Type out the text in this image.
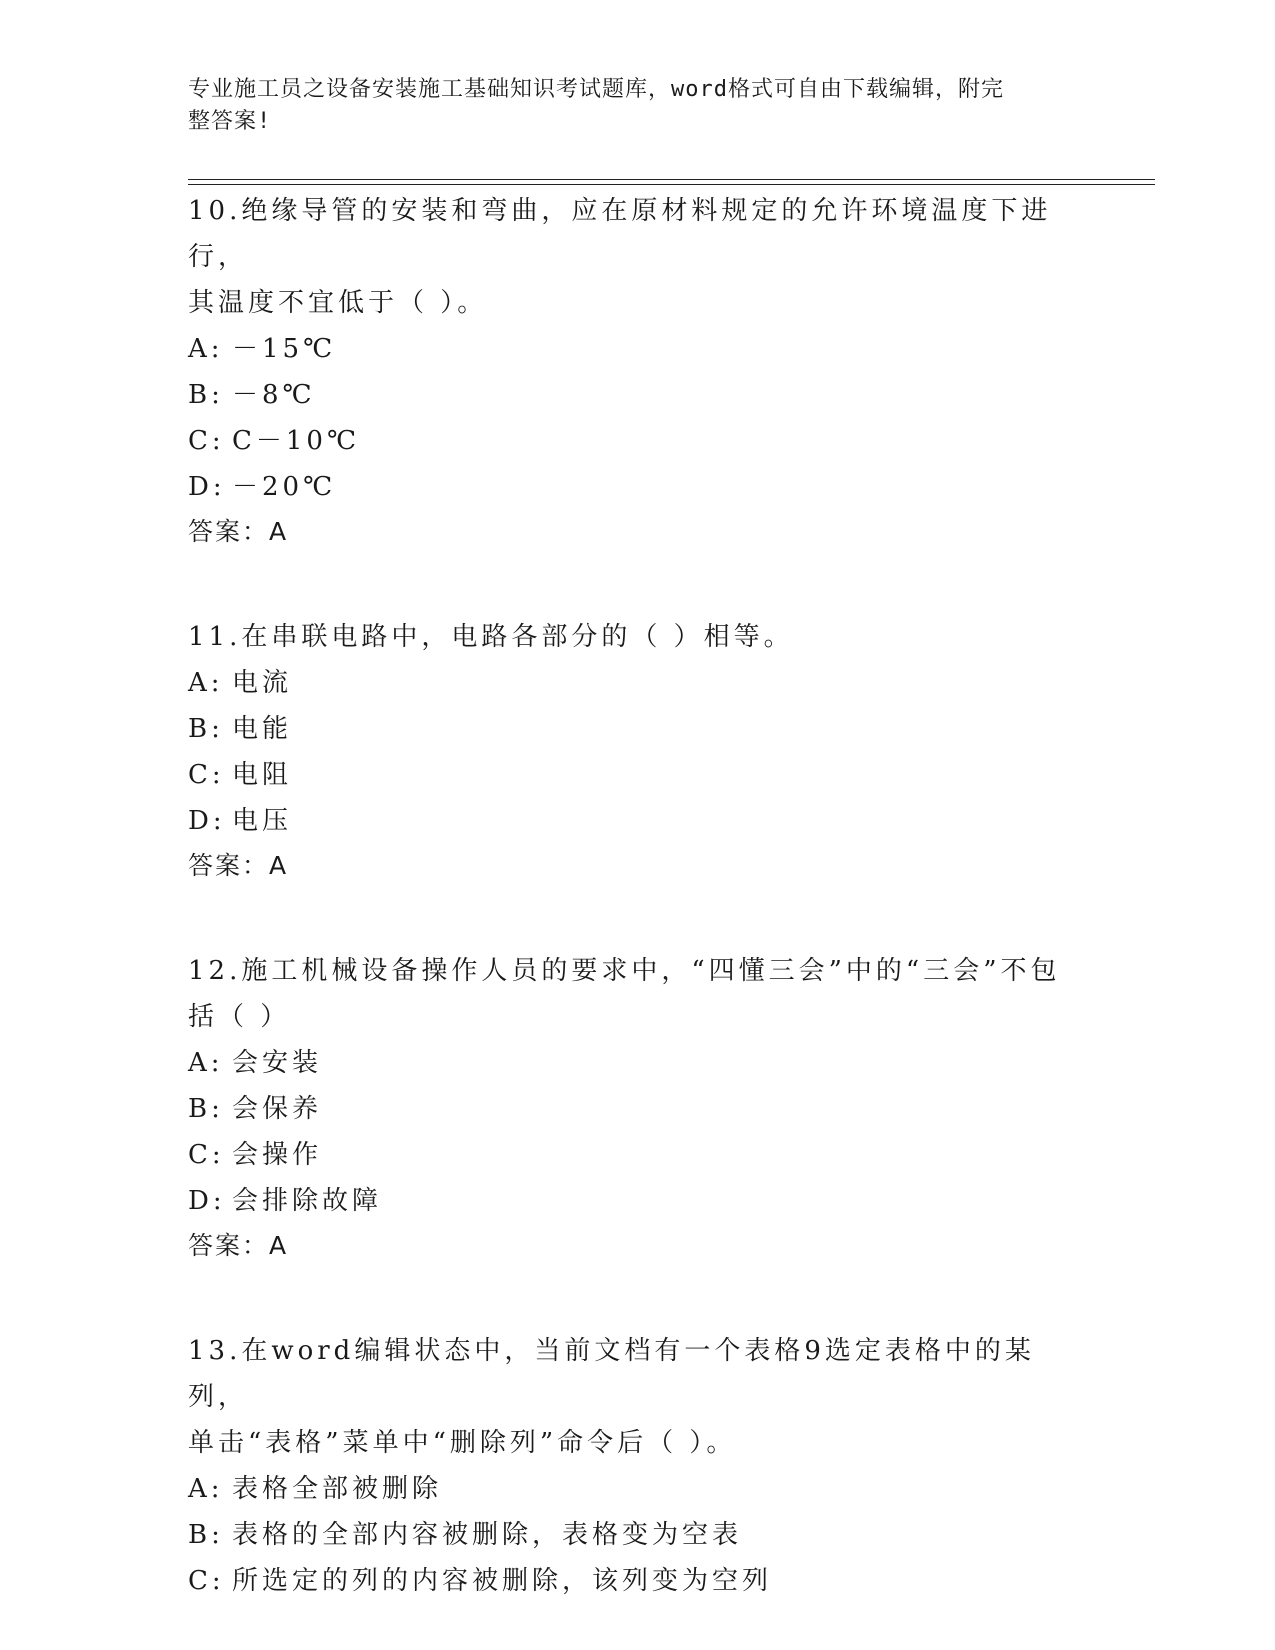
专业施工员之设备安装施工基础知识考试题库，word格式可自由下载编辑，附完
整答案!
10.绝缘导管的安装和弯曲，应在原材料规定的允许环境温度下进行，
其温度不宜低于（ ）。
A: －15℃
B: －8℃
C: C－10℃
D: －20℃
答案：A
11.在串联电路中，电路各部分的（ ）相等。
A: 电流
B: 电能
C: 电阻
D: 电压
答案：A
12.施工机械设备操作人员的要求中，“四懂三会”中的“三会”不包
括（ ）
A: 会安装
B: 会保养
C: 会操作
D: 会排除故障
答案：A
13.在word编辑状态中，当前文档有一个表格9选定表格中的某列，
单击“表格”菜单中“删除列”命令后（ ）。
A: 表格全部被删除
B: 表格的全部内容被删除，表格变为空表
C: 所选定的列的内容被删除，该列变为空列
